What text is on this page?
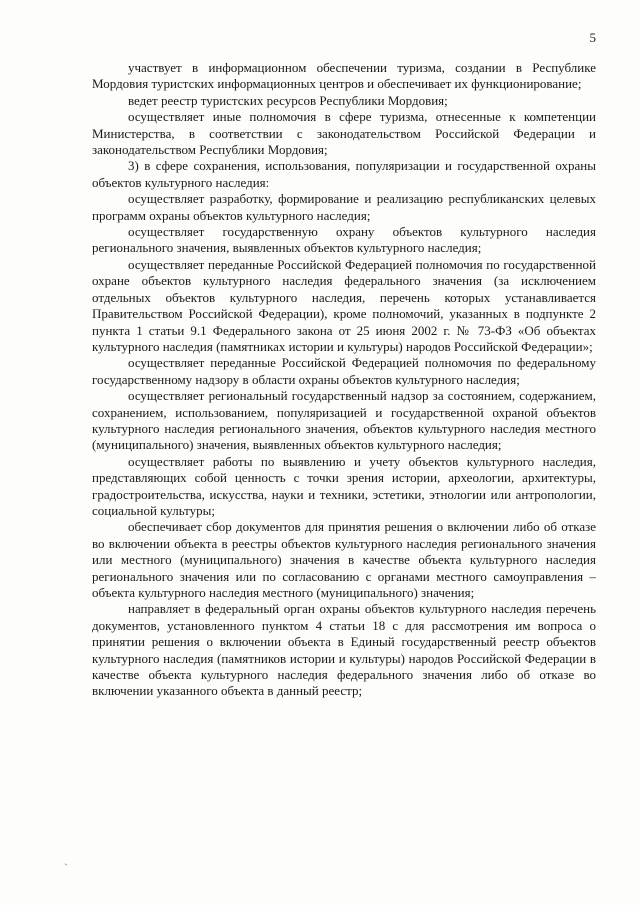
5

участвует в информационном обеспечении туризма, создании в Республике Мордовия туристских информационных центров и обеспечивает их функционирование;

ведет реестр туристских ресурсов Республики Мордовия;

осуществляет иные полномочия в сфере туризма, отнесенные к компетенции Министерства, в соответствии с законодательством Российской Федерации и законодательством Республики Мордовия;

3) в сфере сохранения, использования, популяризации и государственной охраны объектов культурного наследия:

осуществляет разработку, формирование и реализацию республиканских целевых программ охраны объектов культурного наследия;

осуществляет государственную охрану объектов культурного наследия регионального значения, выявленных объектов культурного наследия;

осуществляет переданные Российской Федерацией полномочия по государственной охране объектов культурного наследия федерального значения (за исключением отдельных объектов культурного наследия, перечень которых устанавливается Правительством Российской Федерации), кроме полномочий, указанных в подпункте 2 пункта 1 статьи 9.1 Федерального закона от 25 июня 2002 г. № 73-ФЗ «Об объектах культурного наследия (памятниках истории и культуры) народов Российской Федерации»;

осуществляет переданные Российской Федерацией полномочия по федеральному государственному надзору в области охраны объектов культурного наследия;

осуществляет региональный государственный надзор за состоянием, содержанием, сохранением, использованием, популяризацией и государственной охраной объектов культурного наследия регионального значения, объектов культурного наследия местного (муниципального) значения, выявленных объектов культурного наследия;

осуществляет работы по выявлению и учету объектов культурного наследия, представляющих собой ценность с точки зрения истории, археологии, архитектуры, градостроительства, искусства, науки и техники, эстетики, этнологии или антропологии, социальной культуры;

обеспечивает сбор документов для принятия решения о включении либо об отказе во включении объекта в реестры объектов культурного наследия регионального значения или местного (муниципального) значения в качестве объекта культурного наследия регионального значения или по согласованию с органами местного самоуправления – объекта культурного наследия местного (муниципального) значения;

направляет в федеральный орган охраны объектов культурного наследия перечень документов, установленного пунктом 4 статьи 18 с для рассмотрения им вопроса о принятии решения о включении объекта в Единый государственный реестр объектов культурного наследия (памятников истории и культуры) народов Российской Федерации в качестве объекта культурного наследия федерального значения либо об отказе во включении указанного объекта в данный реестр;

ˎ
